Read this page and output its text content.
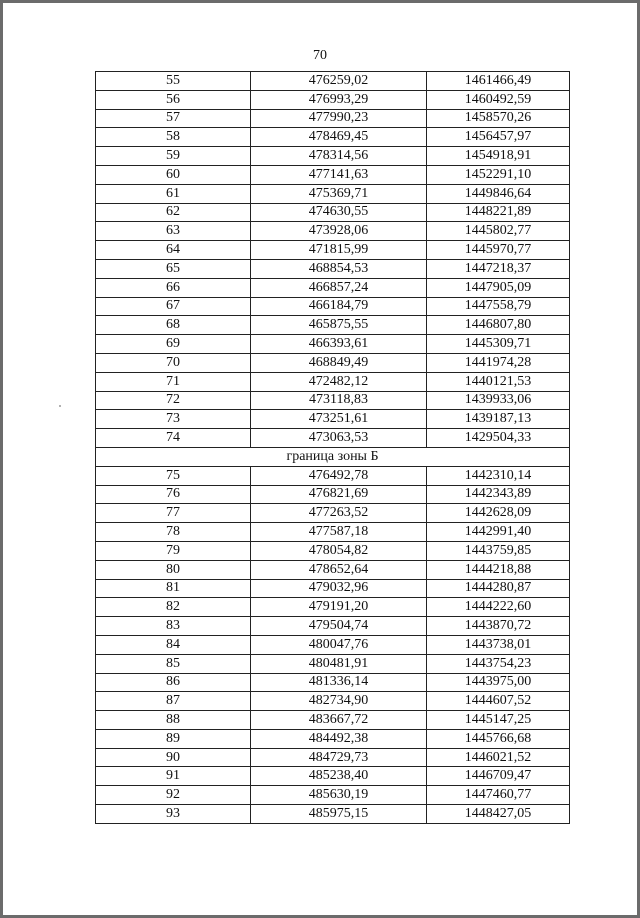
70
55	476259,02	1461466,49
56	476993,29	1460492,59
57	477990,23	1458570,26
58	478469,45	1456457,97
59	478314,56	1454918,91
60	477141,63	1452291,10
61	475369,71	1449846,64
62	474630,55	1448221,89
63	473928,06	1445802,77
64	471815,99	1445970,77
65	468854,53	1447218,37
66	466857,24	1447905,09
67	466184,79	1447558,79
68	465875,55	1446807,80
69	466393,61	1445309,71
70	468849,49	1441974,28
71	472482,12	1440121,53
72	473118,83	1439933,06
73	473251,61	1439187,13
74	473063,53	1429504,33
граница зоны Б		
75	476492,78	1442310,14
76	476821,69	1442343,89
77	477263,52	1442628,09
78	477587,18	1442991,40
79	478054,82	1443759,85
80	478652,64	1444218,88
81	479032,96	1444280,87
82	479191,20	1444222,60
83	479504,74	1443870,72
84	480047,76	1443738,01
85	480481,91	1443754,23
86	481336,14	1443975,00
87	482734,90	1444607,52
88	483667,72	1445147,25
89	484492,38	1445766,68
90	484729,73	1446021,52
91	485238,40	1446709,47
92	485630,19	1447460,77
93	485975,15	1448427,05
